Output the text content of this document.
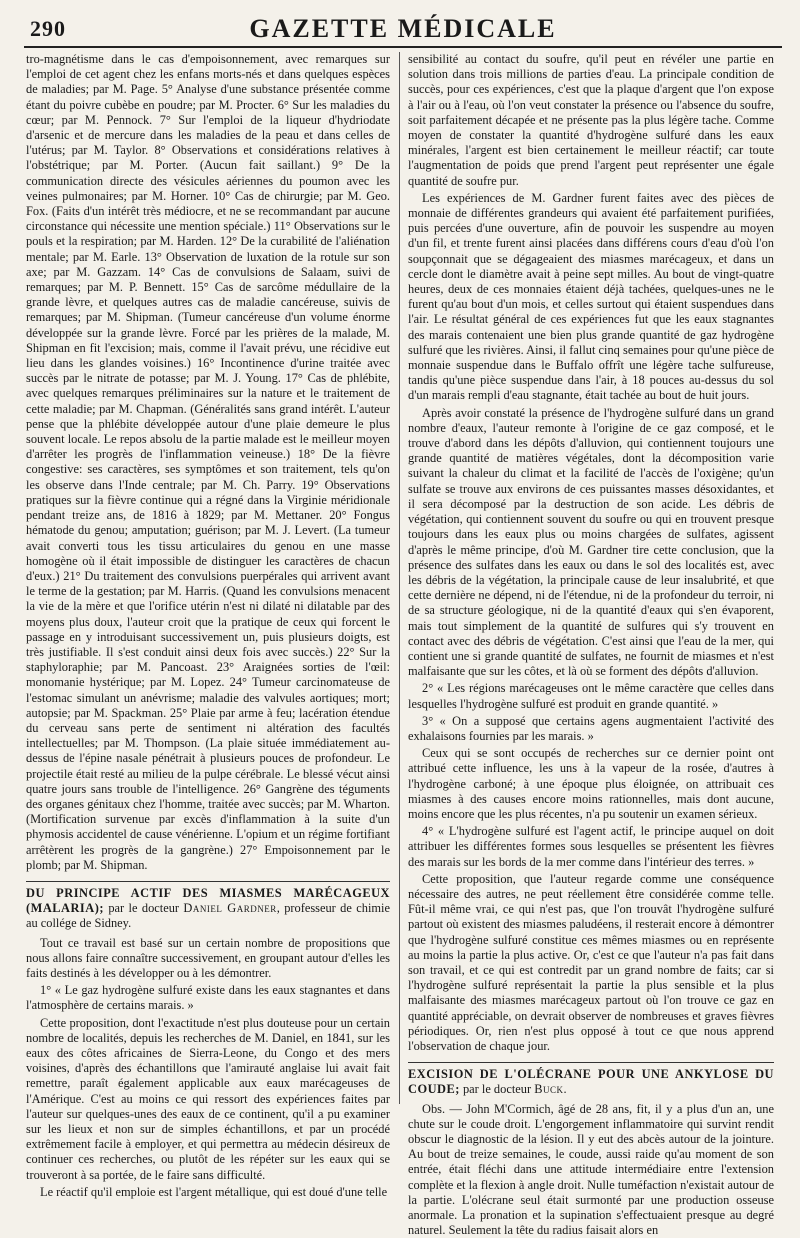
290	GAZETTE MÉDICALE

tro-magnétisme dans le cas d'empoisonnement, avec remarques sur l'emploi de cet agent chez les enfans morts-nés et dans quelques espèces de maladies; par M. Page. 5° Analyse d'une substance présentée comme étant du poivre cubèbe en poudre; par M. Procter. 6° Sur les maladies du cœur; par M. Pennock. 7° Sur l'emploi de la liqueur d'hydriodate d'arsenic et de mercure dans les maladies de la peau et dans celles de l'utérus; par M. Taylor. 8° Observations et considérations relatives à l'obstétrique; par M. Porter. (Aucun fait saillant.) 9° De la communication directe des vésicules aériennes du poumon avec les veines pulmonaires; par M. Horner. 10° Cas de chirurgie; par M. Geo. Fox. (Faits d'un intérêt très médiocre, et ne se recommandant par aucune circonstance qui nécessite une mention spéciale.) 11° Observations sur le pouls et la respiration; par M. Harden. 12° De la curabilité de l'aliénation mentale; par M. Earle. 13° Observation de luxation de la rotule sur son axe; par M. Gazzam. 14° Cas de convulsions de Salaam, suivi de remarques; par M. P. Bennett. 15° Cas de sarcôme médullaire de la grande lèvre, et quelques autres cas de maladie cancéreuse, suivis de remarques; par M. Shipman. (Tumeur cancéreuse d'un volume énorme développée sur la grande lèvre. Forcé par les prières de la malade, M. Shipman en fit l'excision; mais, comme il l'avait prévu, une récidive eut lieu dans les glandes voisines.) 16° Incontinence d'urine traitée avec succès par le nitrate de potasse; par M. J. Young. 17° Cas de phlébite, avec quelques remarques préliminaires sur la nature et le traitement de cette maladie; par M. Chapman. (Généralités sans grand intérêt. L'auteur pense que la phlébite développée autour d'une plaie demeure le plus souvent locale. Le repos absolu de la partie malade est le meilleur moyen d'arrêter les progrès de l'inflammation veineuse.) 18° De la fièvre congestive: ses caractères, ses symptômes et son traitement, tels qu'on les observe dans l'Inde centrale; par M. Ch. Parry. 19° Observations pratiques sur la fièvre continue qui a régné dans la Virginie méridionale pendant treize ans, de 1816 à 1829; par M. Mettaner. 20° Fongus hématode du genou; amputation; guérison; par M. J. Levert. (La tumeur avait converti tous les tissu articulaires du genou en une masse homogène où il était impossible de distinguer les caractères de chacun d'eux.) 21° Du traitement des convulsions puerpérales qui arrivent avant le terme de la gestation; par M. Harris. (Quand les convulsions menacent la vie de la mère et que l'orifice utérin n'est ni dilaté ni dilatable par des moyens plus doux, l'auteur croit que la pratique de ceux qui forcent le passage en y introduisant successivement un, puis plusieurs doigts, est très justifiable. Il s'est conduit ainsi deux fois avec succès.) 22° Sur la staphyloraphie; par M. Pancoast. 23° Araignées sorties de l'œil: monomanie hystérique; par M. Lopez. 24° Tumeur carcinomateuse de l'estomac simulant un anévrisme; maladie des valvules aortiques; mort; autopsie; par M. Spackman. 25° Plaie par arme à feu; lacération étendue du cerveau sans perte de sentiment ni altération des facultés intellectuelles; par M. Thompson. (La plaie située immédiatement au-dessus de l'épine nasale pénétrait à plusieurs pouces de profondeur. Le projectile était resté au milieu de la pulpe cérébrale. Le blessé vécut ainsi quatre jours sans trouble de l'intelligence. 26° Gangrène des téguments des organes génitaux chez l'homme, traitée avec succès; par M. Wharton. (Mortification survenue par excès d'inflammation à la suite d'un phymosis accidentel de cause vénérienne. L'opium et un régime fortifiant arrêtèrent les progrès de la gangrène.) 27° Empoisonnement par le plomb; par M. Shipman.

DU PRINCIPE ACTIF DES MIASMES MARÉCAGEUX (MALARIA); par le docteur Daniel Gardner, professeur de chimie au collége de Sidney.

Tout ce travail est basé sur un certain nombre de propositions que nous allons faire connaître successivement, en groupant autour d'elles les faits destinés à les développer ou à les démontrer.

1° « Le gaz hydrogène sulfuré existe dans les eaux stagnantes et dans l'atmosphère de certains marais. »

Cette proposition, dont l'exactitude n'est plus douteuse pour un certain nombre de localités, depuis les recherches de M. Daniel, en 1841, sur les eaux des côtes africaines de Sierra-Leone, du Congo et des mers voisines, d'après des échantillons que l'amirauté anglaise lui avait fait remettre, paraît également applicable aux eaux marécageuses de l'Amérique. C'est au moins ce qui ressort des expériences faites par l'auteur sur quelques-unes des eaux de ce continent, qu'il a pu examiner sur les lieux et non sur de simples échantillons, et par un procédé extrêmement facile à employer, et qui permettra au médecin désireux de continuer ces recherches, ou plutôt de les répéter sur les eaux qui se trouveront à sa portée, de le faire sans difficulté.

Le réactif qu'il emploie est l'argent métallique, qui est doué d'une telle

sensibilité au contact du soufre, qu'il peut en révéler une partie en solution dans trois millions de parties d'eau. La principale condition de succès, pour ces expériences, c'est que la plaque d'argent que l'on expose à l'air ou à l'eau, où l'on veut constater la présence ou l'absence du soufre, soit parfaitement décapée et ne présente pas la plus légère tache. Comme moyen de constater la quantité d'hydrogène sulfuré dans les eaux minérales, l'argent est bien certainement le meilleur réactif; car toute l'augmentation de poids que prend l'argent peut représenter une égale quantité de soufre pur.

Les expériences de M. Gardner furent faites avec des pièces de monnaie de différentes grandeurs qui avaient été parfaitement purifiées, puis percées d'une ouverture, afin de pouvoir les suspendre au moyen d'un fil, et trente furent ainsi placées dans différens cours d'eau d'où l'on soupçonnait que se dégageaient des miasmes marécageux, et dans un cercle dont le diamètre avait à peine sept milles. Au bout de vingt-quatre heures, deux de ces monnaies étaient déjà tachées, quelques-unes ne le furent qu'au bout d'un mois, et celles surtout qui étaient suspendues dans l'air. Le résultat général de ces expériences fut que les eaux stagnantes des marais contenaient une bien plus grande quantité de gaz hydrogène sulfuré que les rivières. Ainsi, il fallut cinq semaines pour qu'une pièce de monnaie suspendue dans le Buffalo offrît une légère tache sulfureuse, tandis qu'une pièce suspendue dans l'air, à 18 pouces au-dessus du sol d'un marais rempli d'eau stagnante, était tachée au bout de huit jours.

Après avoir constaté la présence de l'hydrogène sulfuré dans un grand nombre d'eaux, l'auteur remonte à l'origine de ce gaz composé, et le trouve d'abord dans les dépôts d'alluvion, qui contiennent toujours une grande quantité de matières végétales, dont la décomposition varie suivant la chaleur du climat et la facilité de l'accès de l'oxigène; qu'un sulfate se trouve aux environs de ces puissantes masses désoxidantes, et il sera décomposé par la destruction de son acide. Les débris de végétation, qui contiennent souvent du soufre ou qui en trouvent presque toujours dans les eaux plus ou moins chargées de sulfates, agissent d'après le même principe, d'où M. Gardner tire cette conclusion, que la présence des sulfates dans les eaux ou dans le sol des localités est, avec les débris de la végétation, la principale cause de leur insalubrité, et que cette dernière ne dépend, ni de l'étendue, ni de la profondeur du terroir, ni de sa structure géologique, ni de la quantité d'eaux qui s'en évaporent, mais tout simplement de la quantité de sulfures qui s'y trouvent en contact avec des débris de végétation. C'est ainsi que l'eau de la mer, qui contient une si grande quantité de sulfates, ne fournit de miasmes et n'est malfaisante que sur les côtes, et là où se forment des dépôts d'alluvion.

2° « Les régions marécageuses ont le même caractère que celles dans lesquelles l'hydrogène sulfuré est produit en grande quantité. »

3° « On a supposé que certains agens augmentaient l'activité des exhalaisons fournies par les marais. »

Ceux qui se sont occupés de recherches sur ce dernier point ont attribué cette influence, les uns à la vapeur de la rosée, d'autres à l'hydrogène carboné; à une époque plus éloignée, on attribuait ces miasmes à des causes encore moins rationnelles, mais dont aucune, moins encore que les plus récentes, n'a pu soutenir un examen sérieux.

4° « L'hydrogène sulfuré est l'agent actif, le principe auquel on doit attribuer les différentes formes sous lesquelles se présentent les fièvres des marais sur les bords de la mer comme dans l'intérieur des terres. »

Cette proposition, que l'auteur regarde comme une conséquence nécessaire des autres, ne peut réellement être considérée comme telle. Fût-il même vrai, ce qui n'est pas, que l'on trouvât l'hydrogène sulfuré partout où existent des miasmes paludéens, il resterait encore à démontrer que l'hydrogène sulfuré constitue ces mêmes miasmes ou en représente au moins la partie la plus active. Or, c'est ce que l'auteur n'a pas fait dans son travail, et ce qui est contredit par un grand nombre de faits; car si l'hydrogène sulfuré représentait la partie la plus sensible et la plus malfaisante des miasmes marécageux partout où l'on trouve ce gaz en quantité appréciable, on devrait observer de nombreuses et graves fièvres périodiques. Or, rien n'est plus opposé à tout ce que nous apprend l'observation de chaque jour.

EXCISION DE L'OLÉCRANE POUR UNE ANKYLOSE DU COUDE; par le docteur Buck.

Obs. — John M'Cormich, âgé de 28 ans, fit, il y a plus d'un an, une chute sur le coude droit. L'engorgement inflammatoire qui survint rendit obscur le diagnostic de la lésion. Il y eut des abcès autour de la jointure. Au bout de treize semaines, le coude, aussi raide qu'au moment de son entrée, était fléchi dans une attitude intermédiaire entre l'extension complète et la flexion à angle droit. Nulle tuméfaction n'existait autour de la partie. L'olécrane seul était surmonté par une production osseuse anormale. La pronation et la supination s'effectuaient presque au degré naturel. Seulement la tête du radius faisait alors en
